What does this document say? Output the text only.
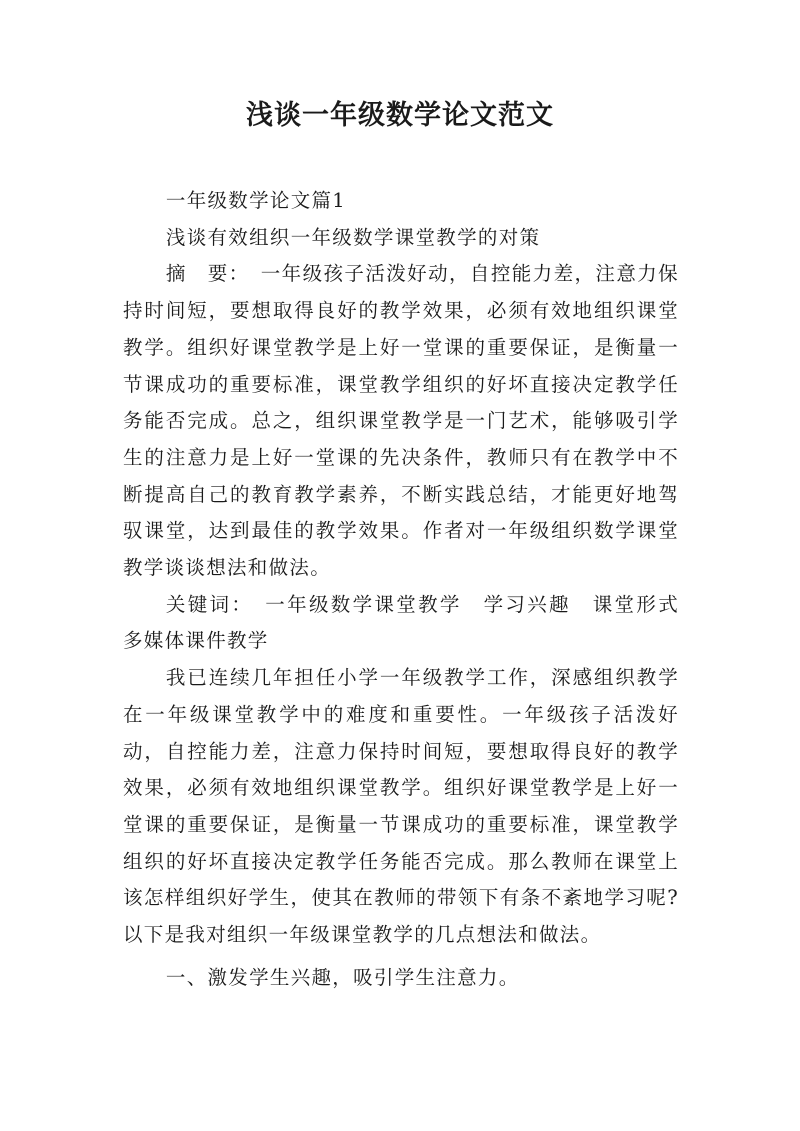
浅谈一年级数学论文范文

一年级数学论文篇1

浅谈有效组织一年级数学课堂教学的对策

摘　要：　一年级孩子活泼好动，自控能力差，注意力保持时间短，要想取得良好的教学效果，必须有效地组织课堂教学。组织好课堂教学是上好一堂课的重要保证，是衡量一节课成功的重要标准，课堂教学组织的好坏直接决定教学任务能否完成。总之，组织课堂教学是一门艺术，能够吸引学生的注意力是上好一堂课的先决条件，教师只有在教学中不断提高自己的教育教学素养，不断实践总结，才能更好地驾驭课堂，达到最佳的教学效果。作者对一年级组织数学课堂教学谈谈想法和做法。

关键词：　一年级数学课堂教学　学习兴趣　课堂形式　多媒体课件教学

我已连续几年担任小学一年级教学工作，深感组织教学在一年级课堂教学中的难度和重要性。一年级孩子活泼好动，自控能力差，注意力保持时间短，要想取得良好的教学效果，必须有效地组织课堂教学。组织好课堂教学是上好一堂课的重要保证，是衡量一节课成功的重要标准，课堂教学组织的好坏直接决定教学任务能否完成。那么教师在课堂上该怎样组织好学生，使其在教师的带领下有条不紊地学习呢?以下是我对组织一年级课堂教学的几点想法和做法。

一、激发学生兴趣，吸引学生注意力。
